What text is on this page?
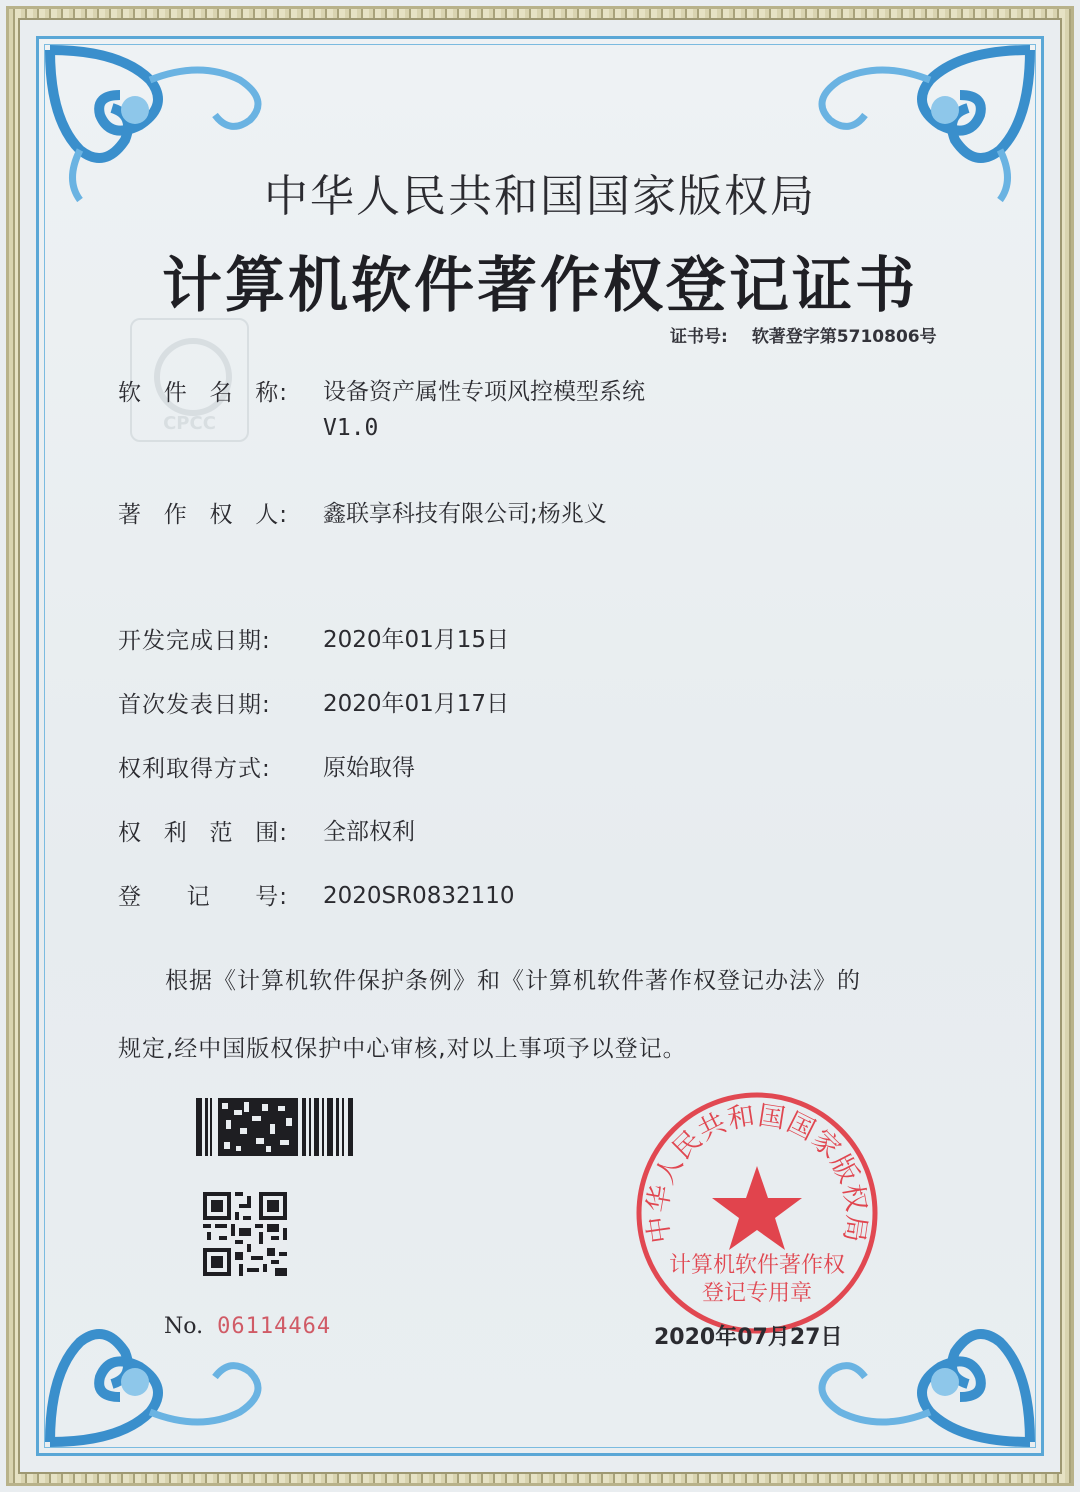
中华人民共和国国家版权局
计算机软件著作权登记证书
证书号: 软著登字第5710806号
CPCC
软 件 名 称: 设备资产属性专项风控模型系统
V1.0
著 作 权 人: 鑫联享科技有限公司;杨兆义
开发完成日期:	2020年01月15日
首次发表日期:	2020年01月17日
权利取得方式:	原始取得
权 利 范 围: 全部权利
登 记 号: 2020SR0832110
根据《计算机软件保护条例》和《计算机软件著作权登记办法》的
规定,经中国版权保护中心审核,对以上事项予以登记。
No. 06114464
中华人民共和国国家版权局
计算机软件著作权
登记专用章
2020年07月27日
